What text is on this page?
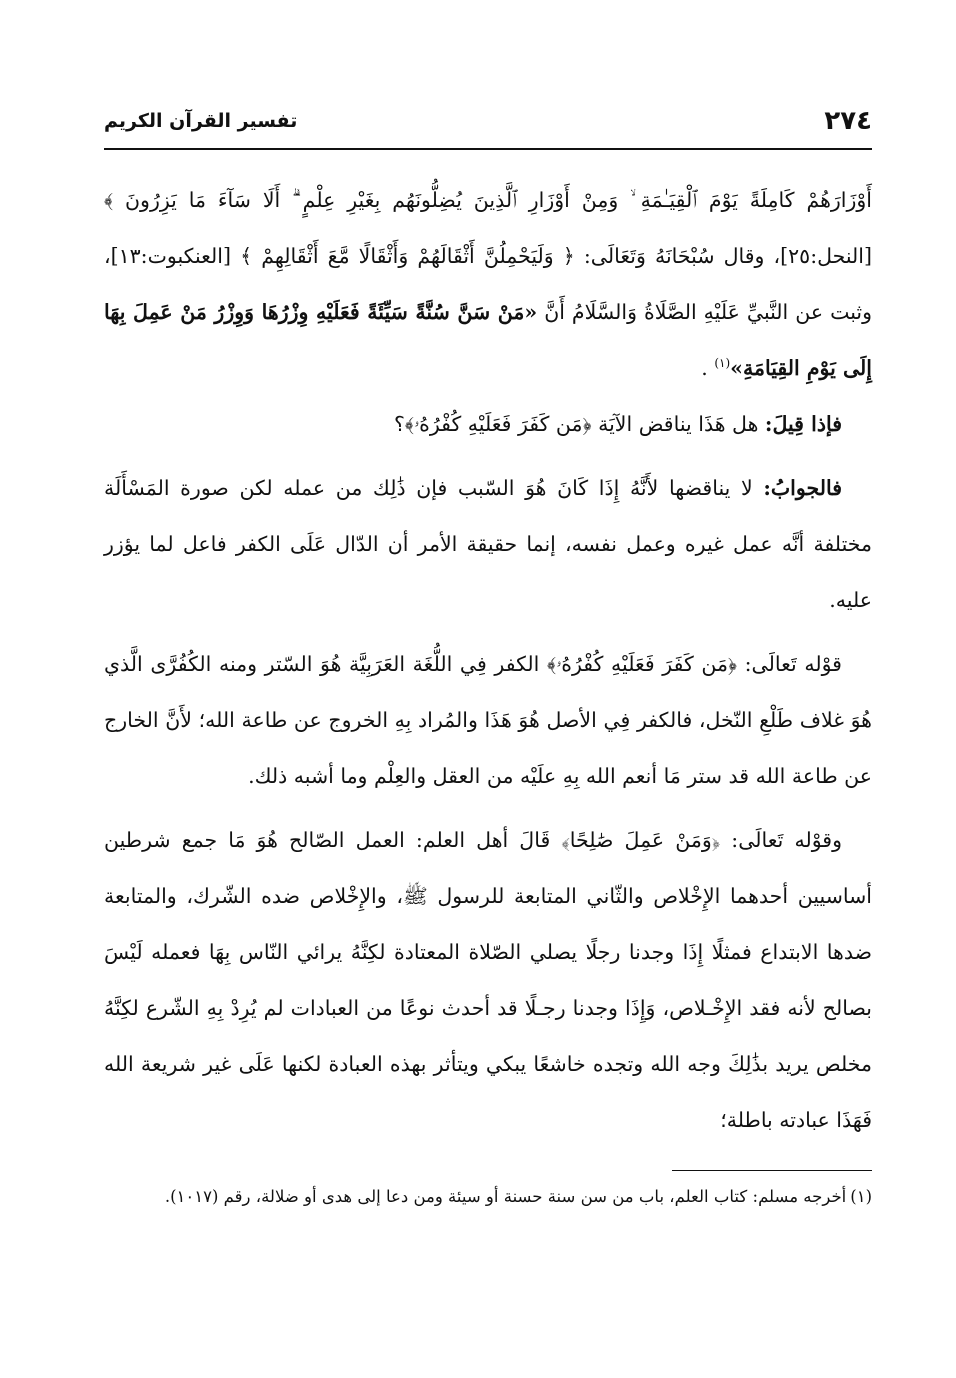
٢٧٤
تفسير القرآن الكريم

أَوْزَارَهُمْ كَامِلَةً يَوْمَ ٱلْقِيَـٰمَةِ ۙ وَمِنْ أَوْزَارِ ٱلَّذِينَ يُضِلُّونَهُم بِغَيْرِ عِلْمٍ ۗ أَلَا سَآءَ مَا يَزِرُونَ ﴾ [النحل:٢٥]، وقال سُبْحَانَهُ وَتَعَالَى: ﴿ وَلَيَحْمِلُنَّ أَثْقَالَهُمْ وَأَثْقَالًا مَّعَ أَثْقَالِهِمْ ﴾ [العنكبوت:١٣]، وثبت عن النَّبيِّ عَلَيْهِ الصَّلَاةُ وَالسَّلَامُ أَنَّ «مَنْ سَنَّ سُنَّةً سَيِّئَةً فَعَلَيْهِ وِزْرُهَا وَوِزْرُ مَنْ عَمِلَ بِهَا إِلَى يَوْمِ القِيَامَةِ»$^{(١)}$ .

فإذا قِيلَ: هل هَذَا يناقض الآيَة ﴿مَن كَفَرَ فَعَلَيْهِ كُفْرُهُۥ﴾؟

فالجوابُ: لا يناقضها لأَنَّهُ إِذَا كَانَ هُوَ السّبب فإن ذَٰلِك من عمله لكن صورة المَسْأَلَة مختلفة أنَّه عمل غيره وعمل نفسه، إنما حقيقة الأمر أن الدّال عَلَى الكفر فاعل لما يؤزر عليه.

قوْله تَعالَى: ﴿مَن كَفَرَ فَعَلَيْهِ كُفْرُهُۥ﴾ الكفر فِي اللُّغَة العَرَبِيَّة هُوَ السّتر ومنه الكُفُرَّى الَّذي هُوَ غلاف طَلْعِ النّخل، فالكفر فِي الأصل هُوَ هَذَا والمُراد بِهِ الخروج عن طاعة الله؛ لأَنَّ الخارج عن طاعة الله قد ستر مَا أنعم الله بِهِ علَيْه من العقل والعِلْم وما أشبه ذلك.

وقوْله تَعالَى: ﴿وَمَنْ عَمِلَ صَٰلِحًا﴾ قَالَ أهل العلم: العمل الصّالح هُوَ مَا جمع شرطين أساسيين أحدهما الإِخْلاص والثّاني المتابعة للرسول ﷺ، والإِخْلاص ضده الشّرك، والمتابعة ضدها الابتداع فمثلًا إِذَا وجدنا رجلًا يصلي الصّلاة المعتادة لكِنَّهُ يرائي النّاس بِهَا فعمله لَيْسَ بصالح لأنه فقد الإِخْـلاص، وَإِذَا وجدنا رجـلًا قد أحدث نوعًا من العبادات لم يُرِدْ بِهِ الشّرع لكِنَّهُ مخلص يريد بذَٰلِكَ وجه الله وتجده خاشعًا يبكي ويتأثر بهذه العبادة لكنها عَلَى غير شريعة الله فَهَذَا عبادته باطلة؛

(١)أخرجه مسلم: كتاب العلم، باب من سن سنة حسنة أو سيئة ومن دعا إلى هدى أو ضلالة، رقم (١٠١٧).
